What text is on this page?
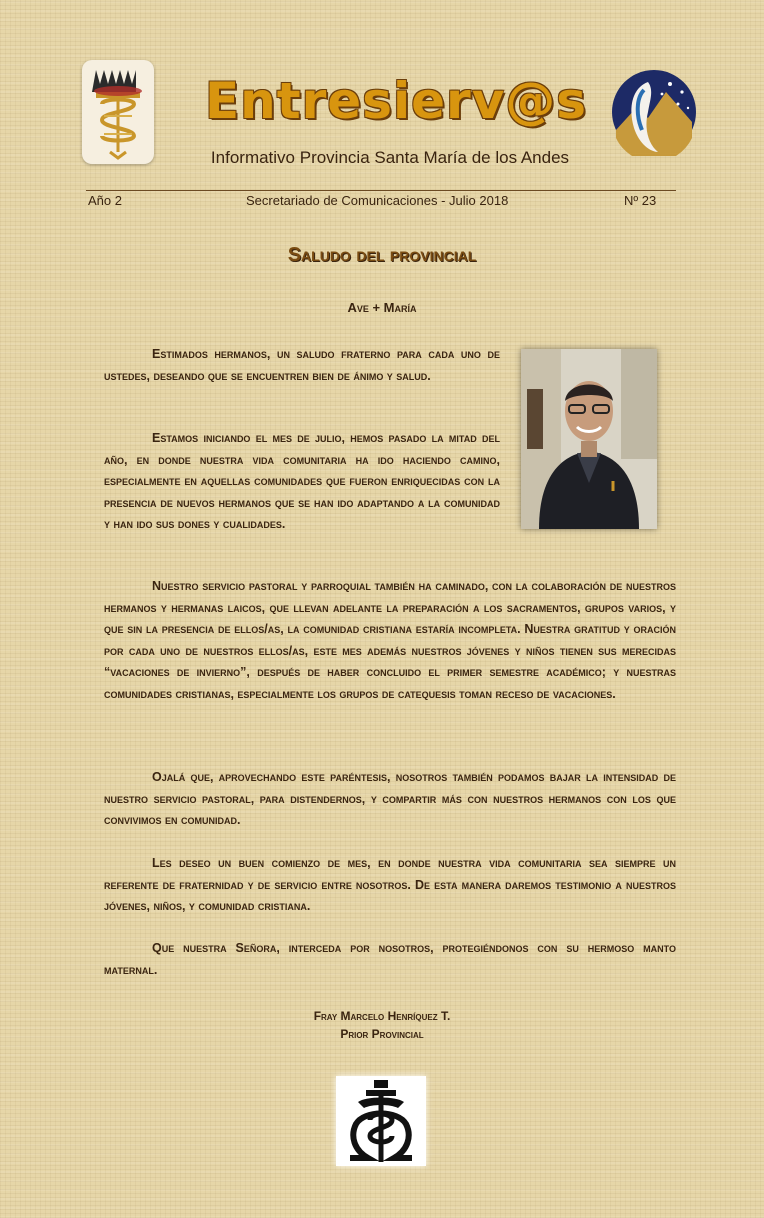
Entresierv@s
Informativo Provincia Santa María de los Andes
Año 2	Secretariado de Comunicaciones - Julio 2018	Nº 23
Saludo del provincial
Ave + María

Estimados hermanos, un saludo fraterno para cada uno de ustedes, deseando que se encuentren bien de ánimo y salud.

Estamos iniciando el mes de julio, hemos pasado la mitad del año, en donde nuestra vida comunitaria ha ido haciendo camino, especialmente en aquellas comunidades que fueron enriquecidas con la presencia de nuevos hermanos que se han ido adaptando a la comunidad y han ido sus dones y cualidades.

Nuestro servicio pastoral y parroquial también ha caminado, con la colaboración de nuestros hermanos y hermanas laicos, que llevan adelante la preparación a los sacramentos, grupos varios, y que sin la presencia de ellos/as, la comunidad cristiana estaría incompleta. Nuestra gratitud y oración por cada uno de nuestros ellos/as, este mes además nuestros jóvenes y niños tienen sus merecidas “vacaciones de invierno”, después de haber concluido el primer semestre académico; y nuestras comunidades cristianas, especialmente los grupos de catequesis toman receso de vacaciones.

Ojalá que, aprovechando este paréntesis, nosotros también podamos bajar la intensidad de nuestro servicio pastoral, para distendernos, y compartir más con nuestros hermanos con los que convivimos en comunidad.

Les deseo un buen comienzo de mes, en donde nuestra vida comunitaria sea siempre un referente de fraternidad y de servicio entre nosotros. De esta manera daremos testimonio a nuestros jóvenes, niños, y comunidad cristiana.

Que nuestra Señora, interceda por nosotros, protegiéndonos con su hermoso manto maternal.

Fray Marcelo Henríquez T.
Prior Provincial
